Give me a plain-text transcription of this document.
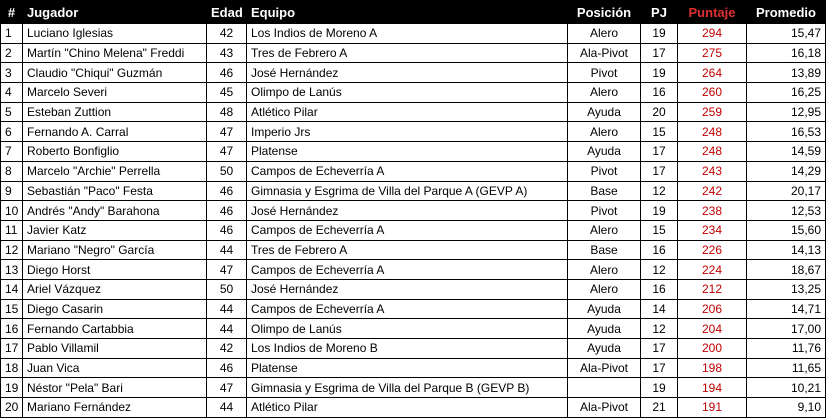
#	Jugador	Edad	Equipo	Posición	PJ	Puntaje	Promedio
1	Luciano Iglesias	42	Los Indios de Moreno A	Alero	19	294	15,47
2	Martín "Chino Melena" Freddi	43	Tres de Febrero A	Ala-Pivot	17	275	16,18
3	Claudio "Chiqui" Guzmán	46	José Hernández	Pivot	19	264	13,89
4	Marcelo Severi	45	Olimpo de Lanús	Alero	16	260	16,25
5	Esteban Zuttion	48	Atlético Pilar	Ayuda	20	259	12,95
6	Fernando A. Carral	47	Imperio Jrs	Alero	15	248	16,53
7	Roberto Bonfiglio	47	Platense	Ayuda	17	248	14,59
8	Marcelo "Archie" Perrella	50	Campos de Echeverría A	Pivot	17	243	14,29
9	Sebastián "Paco" Festa	46	Gimnasia y Esgrima de Villa del Parque A (GEVP A)	Base	12	242	20,17
10	Andrés "Andy" Barahona	46	José Hernández	Pivot	19	238	12,53
11	Javier Katz	46	Campos de Echeverría A	Alero	15	234	15,60
12	Mariano "Negro" García	44	Tres de Febrero A	Base	16	226	14,13
13	Diego Horst	47	Campos de Echeverría A	Alero	12	224	18,67
14	Ariel Vázquez	50	José Hernández	Alero	16	212	13,25
15	Diego Casarin	44	Campos de Echeverría A	Ayuda	14	206	14,71
16	Fernando Cartabbia	44	Olimpo de Lanús	Ayuda	12	204	17,00
17	Pablo Villamil	42	Los Indios de Moreno B	Ayuda	17	200	11,76
18	Juan Vica	46	Platense	Ala-Pivot	17	198	11,65
19	Néstor "Pela" Bari	47	Gimnasia y Esgrima de Villa del Parque B (GEVP B)		19	194	10,21
20	Mariano Fernández	44	Atlético Pilar	Ala-Pivot	21	191	9,10
